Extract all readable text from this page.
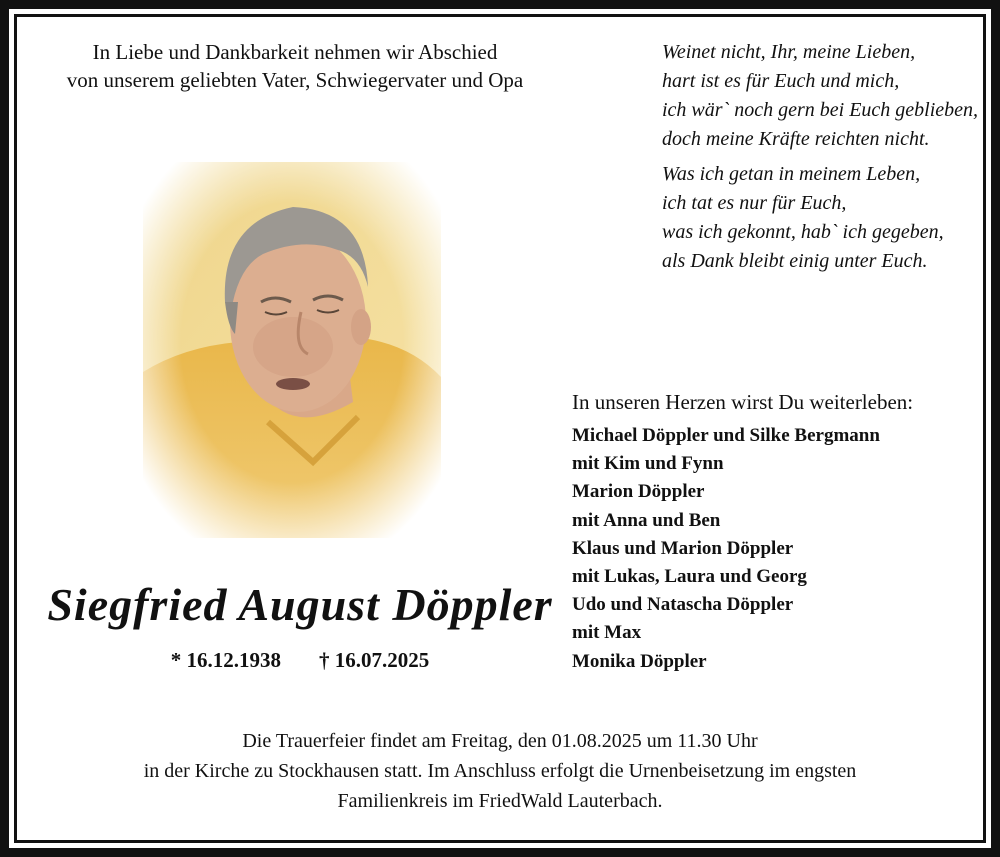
In Liebe und Dankbarkeit nehmen wir Abschied
von unserem geliebten Vater, Schwiegervater und Opa
Weinet nicht, Ihr, meine Lieben,
hart ist es für Euch und mich,
ich wär` noch gern bei Euch geblieben,
doch meine Kräfte reichten nicht.
Was ich getan in meinem Leben,
ich tat es nur für Euch,
was ich gekonnt, hab` ich gegeben,
als Dank bleibt einig unter Euch.
Siegfried August Döppler
* 16.12.1938 † 16.07.2025
In unseren Herzen wirst Du weiterleben:
Michael Döppler und Silke Bergmann
mit Kim und Fynn
Marion Döppler
mit Anna und Ben
Klaus und Marion Döppler
mit Lukas, Laura und Georg
Udo und Natascha Döppler
mit Max
Monika Döppler
Die Trauerfeier findet am Freitag, den 01.08.2025 um 11.30 Uhr
in der Kirche zu Stockhausen statt. Im Anschluss erfolgt die Urnenbeisetzung im engsten
Familienkreis im FriedWald Lauterbach.
